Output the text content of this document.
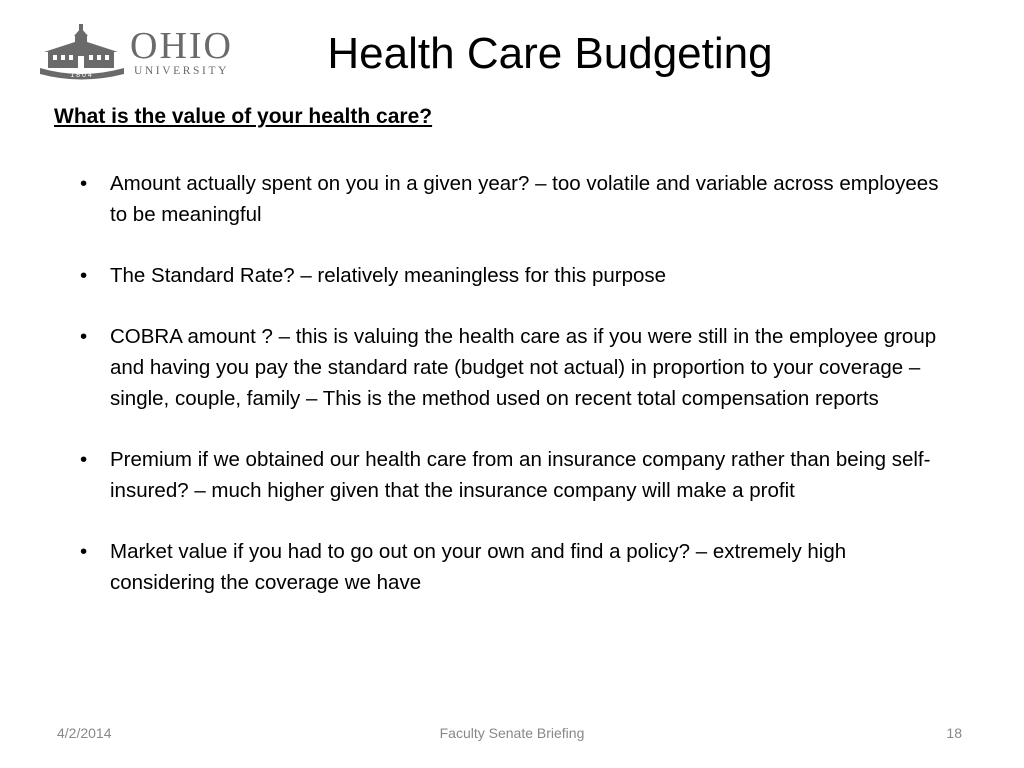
1804
OHIO
UNIVERSITY	Health Care Budgeting
What is the value of your health care?
•	Amount actually spent on you in a given year? – too volatile and variable across employees to be meaningful
•	The Standard Rate? – relatively meaningless for this purpose
•	COBRA amount ? – this is valuing the health care as if you were still in the employee group and having you pay the standard rate (budget not actual) in proportion to your coverage – single, couple, family – This is the method used on recent total compensation reports
•	Premium if we obtained our health care from an insurance company rather than being self-insured? – much higher given that the insurance company will make a profit
•	Market value if you had to go out on your own and find a policy? – extremely high considering the coverage we have
4/2/2014	Faculty Senate Briefing	18
